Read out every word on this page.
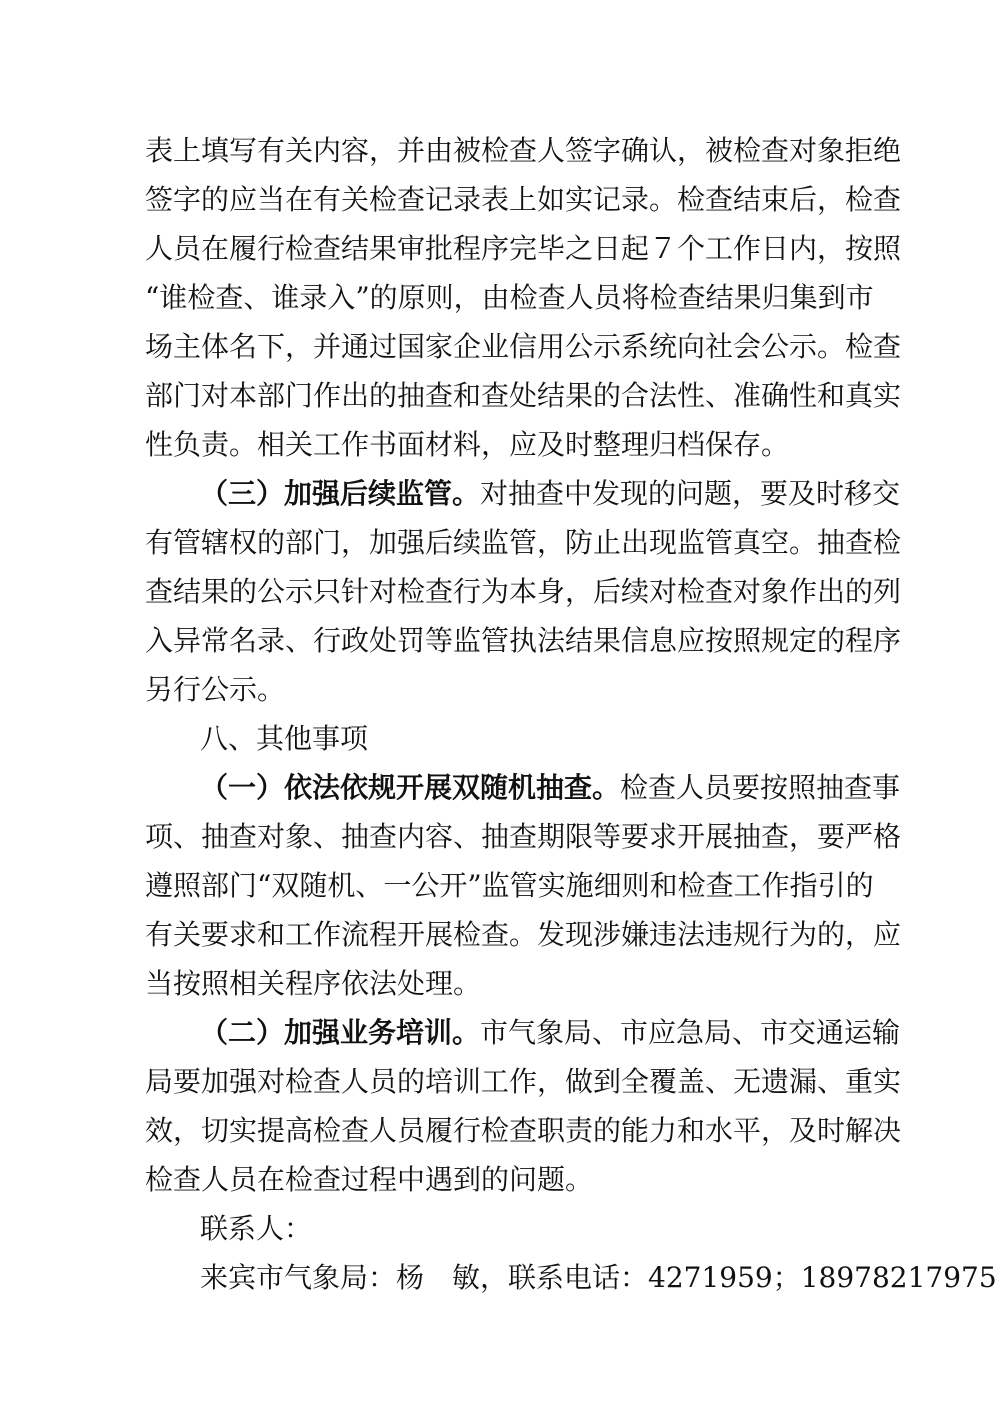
表上填写有关内容，并由被检查人签字确认，被检查对象拒绝
签字的应当在有关检查记录表上如实记录。检查结束后，检查
人员在履行检查结果审批程序完毕之日起７个工作日内，按照
“谁检查、谁录入”的原则，由检查人员将检查结果归集到市
场主体名下，并通过国家企业信用公示系统向社会公示。检查
部门对本部门作出的抽查和查处结果的合法性、准确性和真实
性负责。相关工作书面材料，应及时整理归档保存。
（三）加强后续监管。对抽查中发现的问题，要及时移交
有管辖权的部门，加强后续监管，防止出现监管真空。抽查检
查结果的公示只针对检查行为本身，后续对检查对象作出的列
入异常名录、行政处罚等监管执法结果信息应按照规定的程序
另行公示。
八、其他事项
（一）依法依规开展双随机抽查。检查人员要按照抽查事
项、抽查对象、抽查内容、抽查期限等要求开展抽查，要严格
遵照部门“双随机、一公开”监管实施细则和检查工作指引的
有关要求和工作流程开展检查。发现涉嫌违法违规行为的，应
当按照相关程序依法处理。
（二）加强业务培训。市气象局、市应急局、市交通运输
局要加强对检查人员的培训工作，做到全覆盖、无遗漏、重实
效，切实提高检查人员履行检查职责的能力和水平，及时解决
检查人员在检查过程中遇到的问题。
联系人：
来宾市气象局：杨　敏，联系电话：4271959；18978217975
